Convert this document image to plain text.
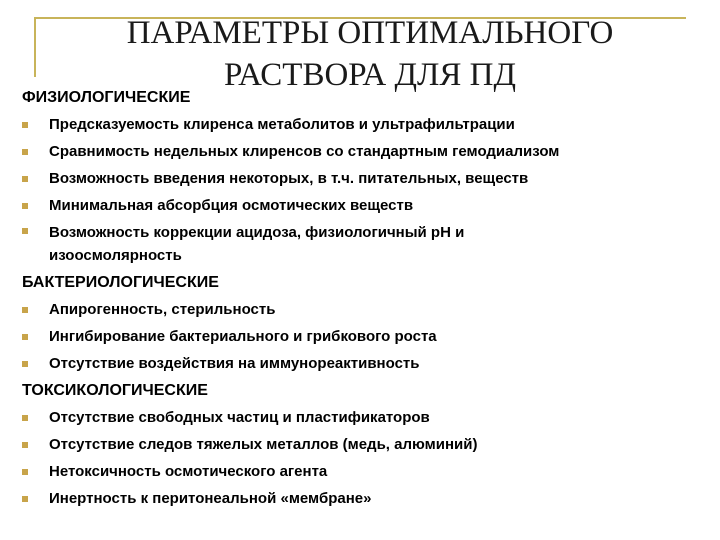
ПАРАМЕТРЫ ОПТИМАЛЬНОГО
РАСТВОРА ДЛЯ ПД
ФИЗИОЛОГИЧЕСКИЕ
Предсказуемость клиренса метаболитов и ультрафильтрации
Сравнимость недельных клиренсов со стандартным гемодиализом
Возможность введения некоторых, в т.ч. питательных, веществ
Минимальная абсорбция осмотических веществ
Возможность коррекции ацидоза, физиологичный рН и изоосмолярность
БАКТЕРИОЛОГИЧЕСКИЕ
Апирогенность, стерильность
Ингибирование бактериального и грибкового роста
Отсутствие воздействия на иммунореактивность
ТОКСИКОЛОГИЧЕСКИЕ
Отсутствие свободных частиц и пластификаторов
Отсутствие следов тяжелых металлов (медь, алюминий)
Нетоксичность осмотического агента
Инертность к перитонеальной «мембране»
